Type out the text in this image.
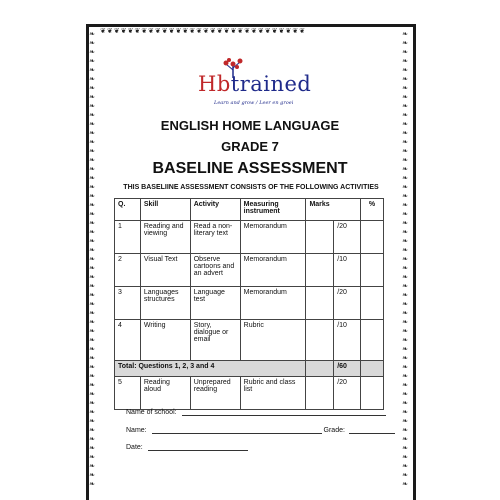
❦❦❦❦❦❦❦❦❦❦❦❦❦❦❦❦❦❦❦❦❦❦❦❦❦❦❦❦❦❦
❧
❧
❧
❧
❧
❧
❧
❧
❧
❧
❧
❧
❧
❧
❧
❧
❧
❧
❧
❧
❧
❧
❧
❧
❧
❧
❧
❧
❧
❧
❧
❧
❧
❧
❧
❧
❧
❧
❧
❧
❧
❧
❧
❧
❧
❧
❧
❧
❧
❧
❧
❧
❧
❧
❧
❧
❧
❧
❧
❧
❧
❧
❧
❧
❧
❧
❧
❧
❧
❧
❧
❧
❧
❧
❧
❧
❧
❧
❧
❧
❧
❧
❧
❧
❧
❧
❧
❧
❧
❧
❧
❧
❧
❧
❧
❧
❧
❧
❧
❧
❧
❧
Hbtrained
Learn and grow / Leer en groei
ENGLISH HOME LANGUAGE
GRADE 7
BASELINE ASSESSMENT
THIS BASELIINE ASSESSMENT CONSISTS OF THE FOLLOWING ACTIVITIES
Q.	Skill	Activity	Measuring instrument	Marks		%
1	Reading and viewing	Read a non-literary text	Memorandum		/20	
2	Visual Text	Observe cartoons and an advert	Memorandum		/10	
3	Languages structures	Language test	Memorandum		/20	
4	Writing	Story, dialogue or email	Rubric		/10	
Total: Questions 1, 2, 3 and 4					/60	
5	Reading aloud	Unprepared reading	Rubric and class list		/20	
Name of school:
Name:	Grade:
Date:
